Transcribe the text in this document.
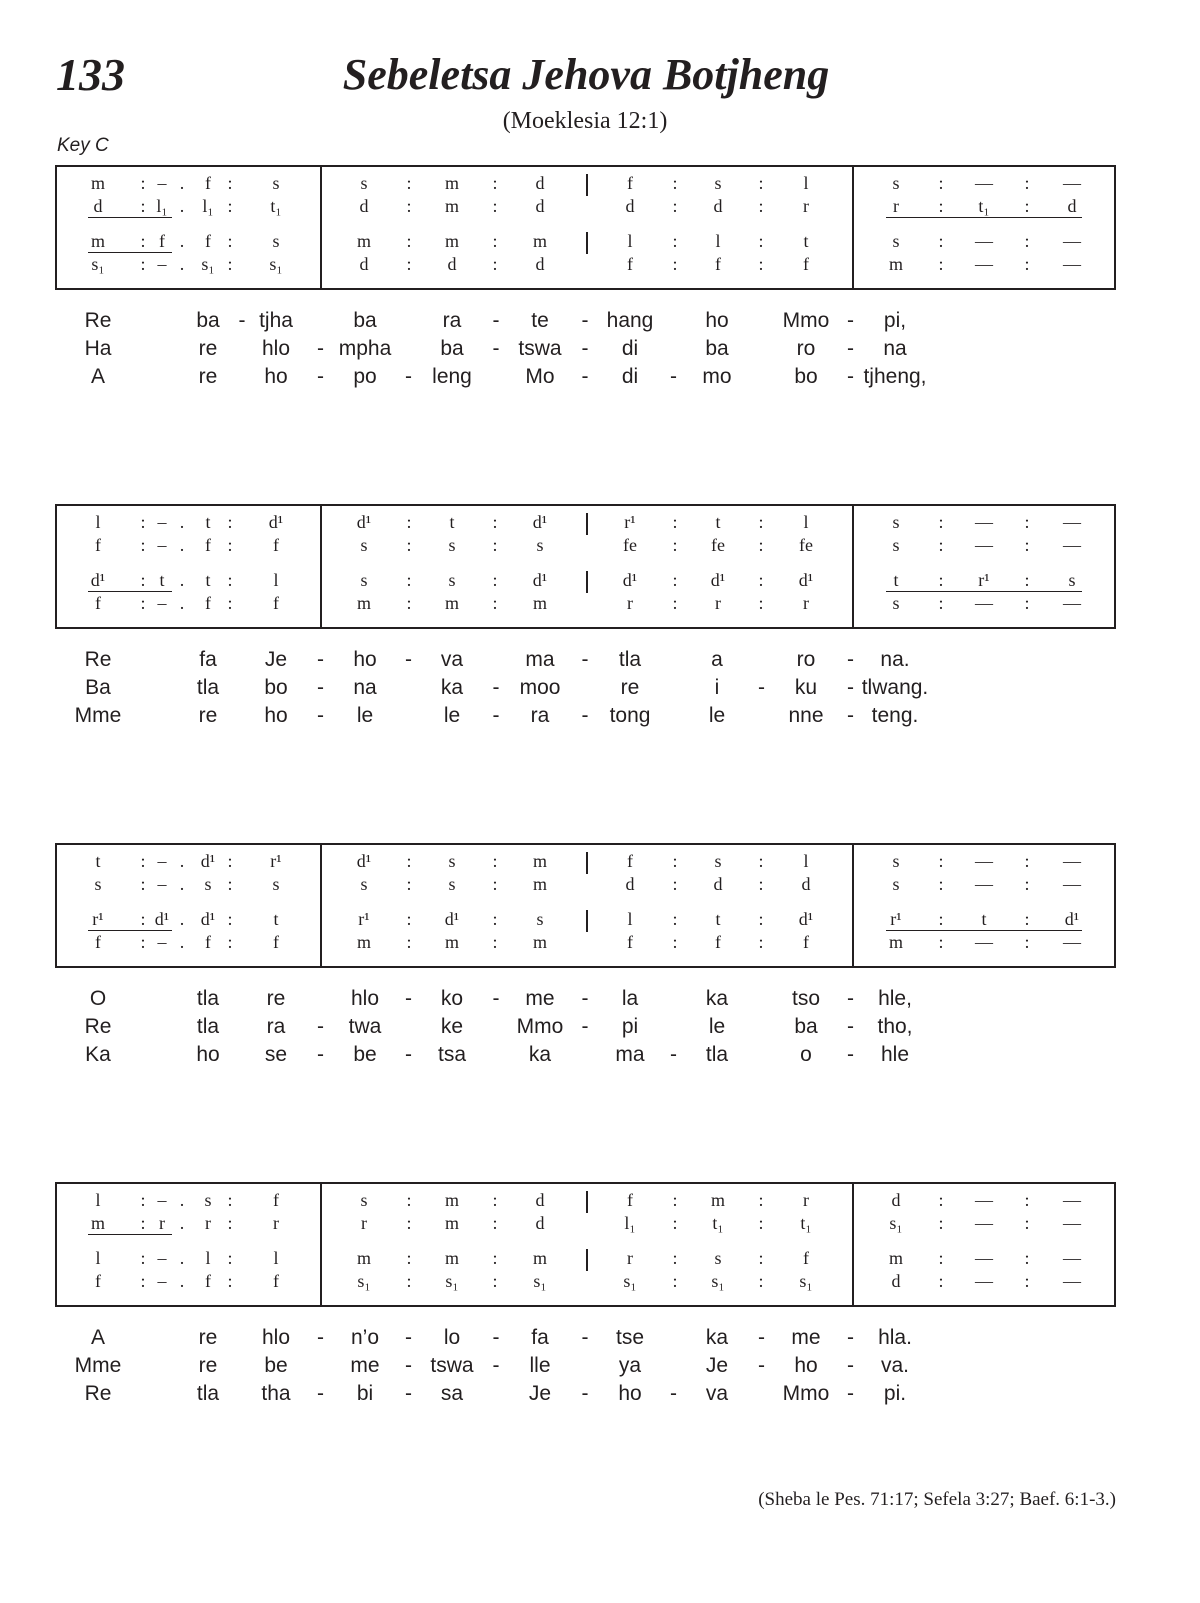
133	Sebeletsa Jehova Botjheng
(Moeklesia 12:1)
Key C
m : – . f : s	s : m : d	f : s : l	s : — : —
d : l₁ . l₁ : t₁	d : m : d	d : d : r	r : t₁ : d
m : f . f : s	m : m : m	l : l : t	s : — : —
s₁ : – . s₁ : s₁	d : d : d	f : f : f	m : — : —
Re	ba - tjha	ba	ra - te - hang ho	Mmo - pi,
Ha	re hlo - mpha ba - tswa - di	ba	ro - na
A	re ho - po - leng	Mo - di - mo	bo - tjheng,
l : – . t : d¹	d¹ : t : d¹	r¹ : t : l	s : — : —
f : – . f : f	s : s : s	fe : fe : fe	s : — : —
d¹ : t . t : l	s : s : d¹	d¹ : d¹ : d¹	t : r¹ : s
f : – . f : f	m : m : m	r : r : r	s : — : —
Re	fa Je - ho - va	ma - tla	a	ro - na.
Ba	tla bo - na	ka - moo	re	i - ku - tlwang.
Mme	re ho - le	le - ra - tong	le	nne - teng.
t : – . d¹ : r¹	d¹ : s : m	f : s : l	s : — : —
s : – . s : s	s : s : m	d : d : d	s : — : —
r¹ : d¹ . d¹ : t	r¹ : d¹ : s	l : t : d¹	r¹ : t : d¹
f : – . f : f	m : m : m	f : f : f	m : — : —
O	tla re	hlo - ko - me - la	ka	tso - hle,
Re	tla ra - twa	ke	Mmo - pi	le	ba - tho,
Ka	ho se - be - tsa	ka	ma - tla	o - hle
l : – . s : f	s : m : d	f : m : r	d : — : —
m : r . r : r	r : m : d	l₁ : t₁ : t₁	s₁ : — : —
l : – . l : l	m : m : m	r : s : f	m : — : —
f : – . f : f	s₁ : s₁ : s₁	s₁ : s₁ : s₁	d : — : —
A	re hlo - n’o - lo - fa - tse	ka - me - hla.
Mme	re be	me - tswa - lle	ya	Je - ho - va.
Re	tla tha - bi - sa	Je - ho - va	Mmo - pi.
(Sheba le Pes. 71:17; Sefela 3:27; Baef. 6:1-3.)
